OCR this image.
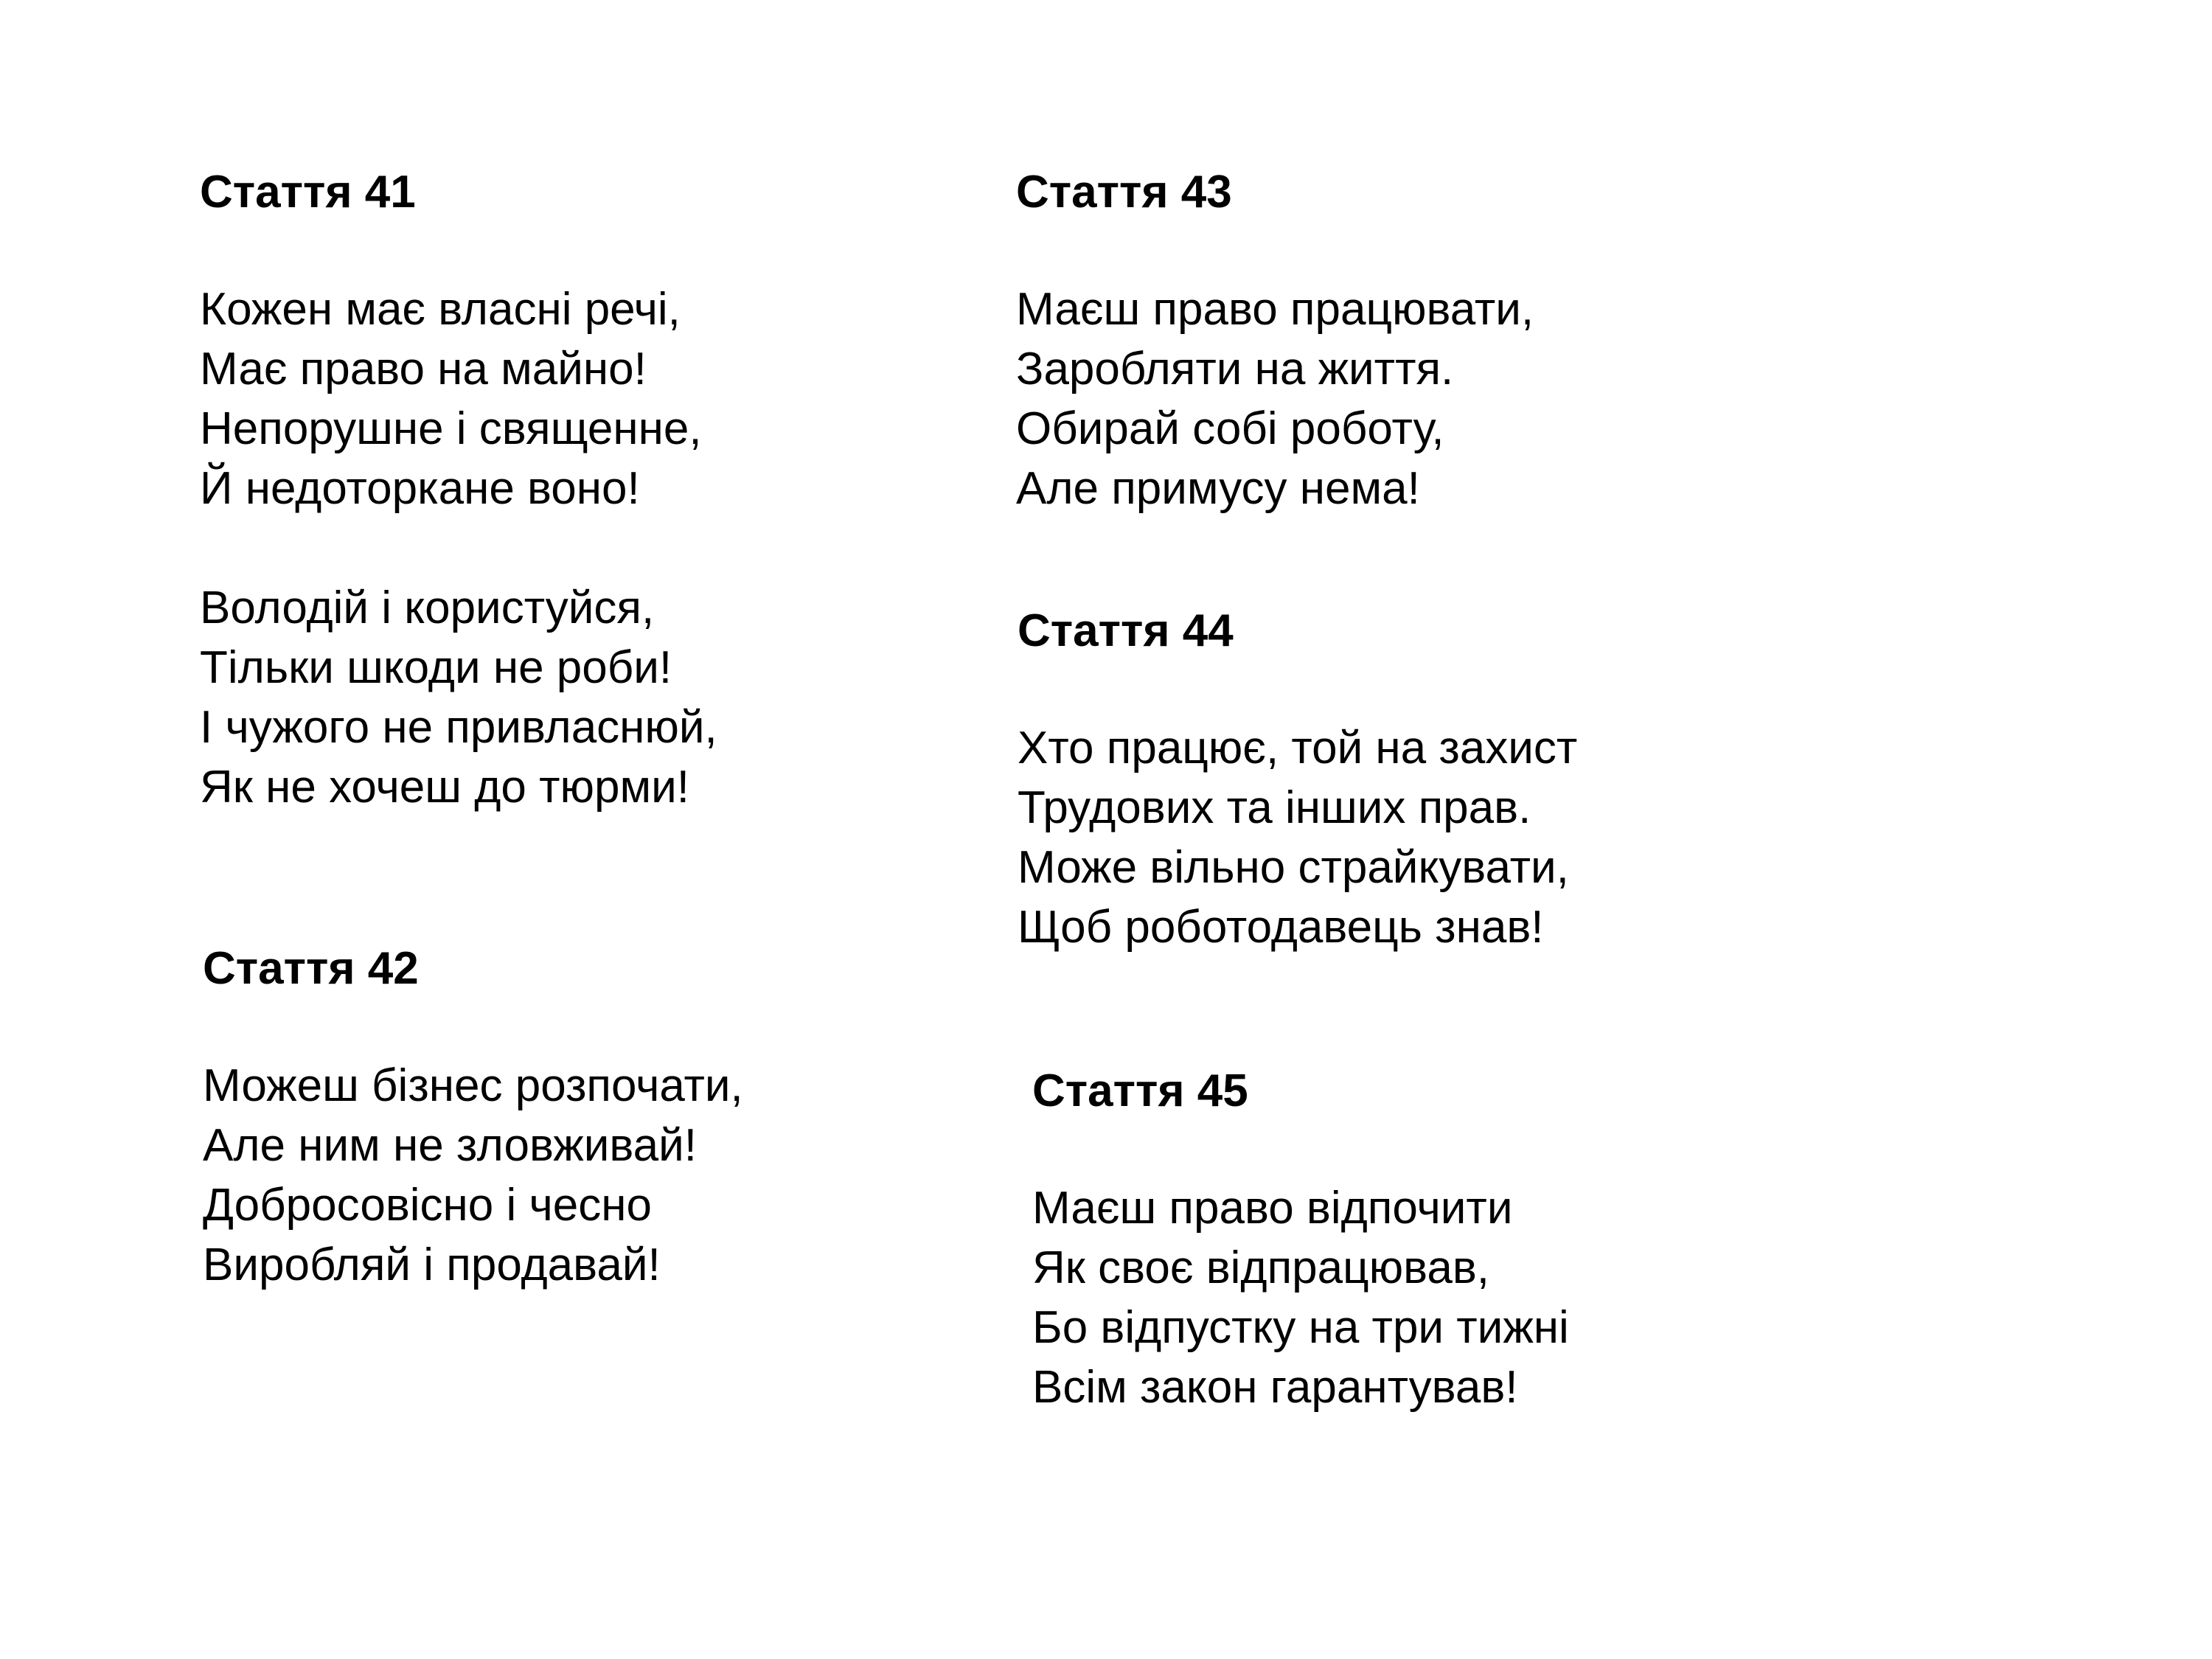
Стаття 41

Кожен має власні речі,
Має право на майно!
Непорушне і священне,
Й недоторкане воно!

Володій і користуйся,
Тільки шкоди не роби!
І чужого не привласнюй,
Як не хочеш до тюрми!

Стаття 42

Можеш бізнес розпочати,
Але ним не зловживай!
Добросовісно і чесно
Виробляй і продавай!

Стаття 43

Маєш право працювати,
Заробляти на життя.
Обирай собі роботу,
Але примусу нема!

Стаття 44

Хто працює, той на захист
Трудових та інших прав.
Може вільно страйкувати,
Щоб роботодавець знав!

Стаття 45

Маєш право відпочити
Як своє відпрацював,
Бо відпустку на три тижні
Всім закон гарантував!
